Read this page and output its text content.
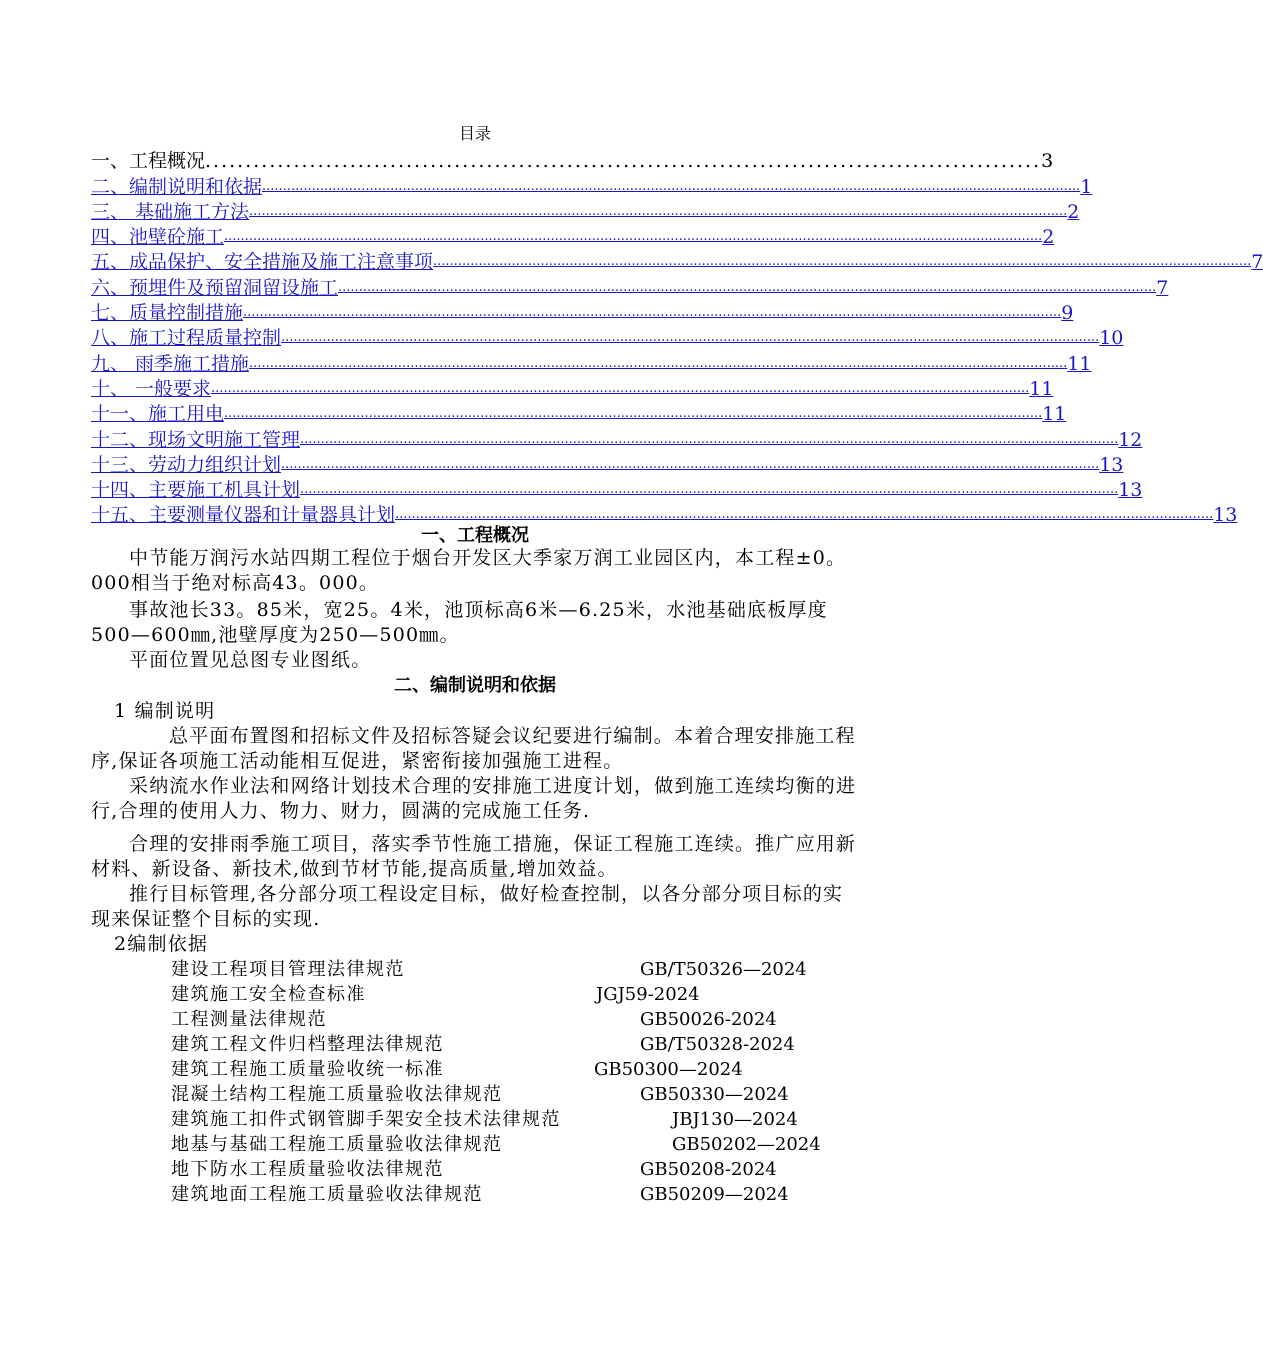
目录
一、工程概况 ........................................................................................................ 3
二、编制说明和依据 ...................................................................................................................................................................................................... 1
三、 基础施工方法 ...................................................................................................................................................................................................... 2
四、池壁砼施工 ...................................................................................................................................................................................................... 2
五、成品保护、安全措施及施工注意事项 ...................................................................................................................................................................................................... 7
六、预埋件及预留洞留设施工 ...................................................................................................................................................................................................... 7
七、质量控制措施 ...................................................................................................................................................................................................... 9
八、施工过程质量控制 ...................................................................................................................................................................................................... 10
九、 雨季施工措施 ...................................................................................................................................................................................................... 11
十、 一般要求 ...................................................................................................................................................................................................... 11
十一、施工用电 ...................................................................................................................................................................................................... 11
十二、现场文明施工管理 ...................................................................................................................................................................................................... 12
十三、劳动力组织计划 ...................................................................................................................................................................................................... 13
十四、主要施工机具计划 ...................................................................................................................................................................................................... 13
十五、主要测量仪器和计量器具计划 ...................................................................................................................................................................................................... 13
一、工程概况
中节能万润污水站四期工程位于烟台开发区大季家万润工业园区内，本工程±0。000相当于绝对标高43。000。
事故池长33。85米，宽25。4米，池顶标高6米—6.25米，水池基础底板厚度500—600㎜,池壁厚度为250—500㎜。
平面位置见总图专业图纸。
二、编制说明和依据
1 编制说明
总平面布置图和招标文件及招标答疑会议纪要进行编制。本着合理安排施工程序,保证各项施工活动能相互促进，紧密衔接加强施工进程。
采纳流水作业法和网络计划技术合理的安排施工进度计划，做到施工连续均衡的进行,合理的使用人力、物力、财力，圆满的完成施工任务.
合理的安排雨季施工项目，落实季节性施工措施，保证工程施工连续。推广应用新材料、新设备、新技术,做到节材节能,提高质量,增加效益。
推行目标管理,各分部分项工程设定目标，做好检查控制，以各分部分项目标的实现来保证整个目标的实现.
2编制依据
建设工程项目管理法律规范	GB/T50326—2024
建筑施工安全检查标准	JGJ59-2024
工程测量法律规范	GB50026-2024
建筑工程文件归档整理法律规范	GB/T50328-2024
建筑工程施工质量验收统一标准	GB50300—2024
混凝土结构工程施工质量验收法律规范	GB50330—2024
建筑施工扣件式钢管脚手架安全技术法律规范	JBJ130—2024
地基与基础工程施工质量验收法律规范	GB50202—2024
地下防水工程质量验收法律规范	GB50208-2024
建筑地面工程施工质量验收法律规范	GB50209—2024
